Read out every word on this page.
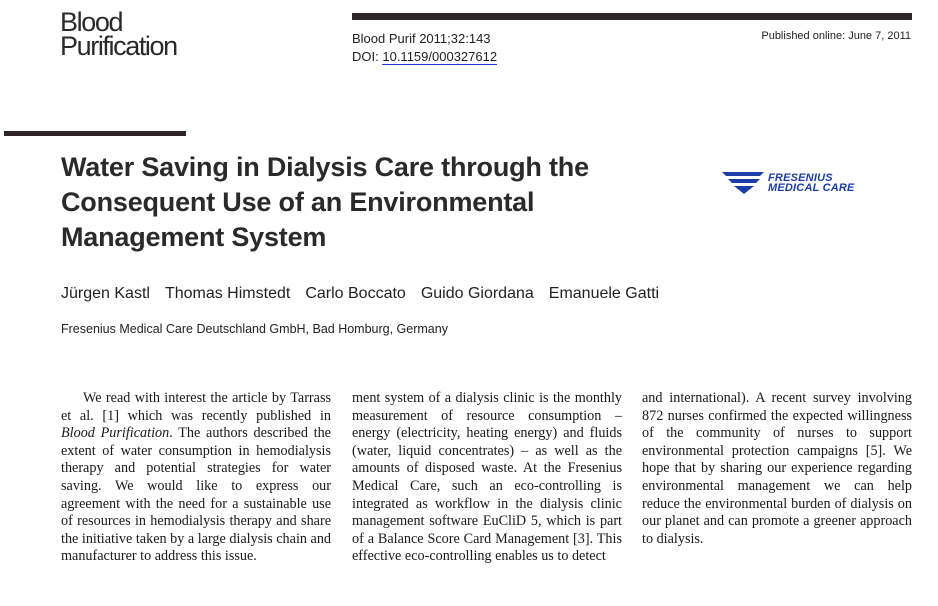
Blood
Purification	Blood Purif 2011;32:143
DOI: 10.1159/000327612
Published online: June 7, 2011
Water Saving in Dialysis Care through the Consequent Use of an Environmental Management System
FRESENIUS
MEDICAL CARE
Jürgen Kastl Thomas Himstedt Carlo Boccato Guido Giordana Emanuele Gatti
Fresenius Medical Care Deutschland GmbH, Bad Homburg, Germany

We read with interest the article by Tarrass et al. [1] which was recently published in Blood Purification. The authors described the extent of water consumption in hemodialysis therapy and potential strategies for water saving. We would like to express our agreement with the need for a sustainable use of resources in hemodialysis therapy and share the initiative taken by a large dialysis chain and manufacturer to address this issue.

ment system of a dialysis clinic is the monthly measurement of resource consumption – energy (electricity, heating energy) and fluids (water, liquid concentrates) – as well as the amounts of disposed waste. At the Fresenius Medical Care, such an eco-controlling is integrated as workflow in the dialysis clinic management software EuCliD 5, which is part of a Balance Score Card Management [3]. This effective eco-controlling enables us to detect

and international). A recent survey involving 872 nurses confirmed the expected willingness of the community of nurses to support environmental protection campaigns [5]. We hope that by sharing our experience regarding environmental management we can help reduce the environmental burden of dialysis on our planet and can promote a greener approach to dialysis.
